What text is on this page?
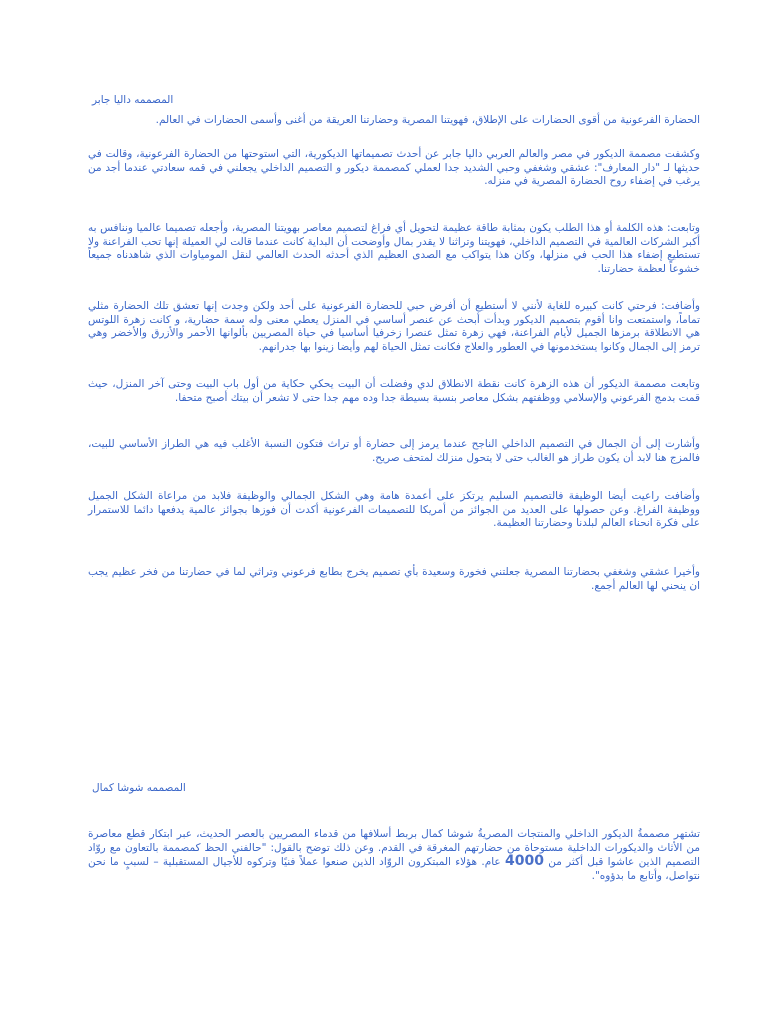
المصممه داليا جابر

الحضارة الفرعونية من أقوى الحضارات على الإطلاق، فهويتنا المصرية وحضارتنا العريقة من أغنى وأسمى الحضارات في العالم.

وكشفت مصممة الديكور في مصر والعالم العربي داليا جابر عن أحدث تصميماتها الديكورية، التي استوحتها من الحضارة الفرعونية، وقالت في حديثها لـ "دار المعارف": عشقي وشغفي وحبي الشديد جدا لعملي كمصممة ديكور و التصميم الداخلي يجعلني في قمه سعادتي عندما أجد من يرغب في إضفاء روح الحضارة المصرية في منزله.

وتابعت: هذه الكلمة أو هذا الطلب يكون بمثابة طاقة عظيمة لتحويل أي فراغ لتصميم معاصر بهويتنا المصرية، وأجعله تصميما عالميا وننافس به أكبر الشركات العالمية في التصميم الداخلي، فهويتنا وتراثنا لا يقدر بمال وأوضحت أن البداية كانت عندما قالت لي العميلة إنها تحب الفراعنة ولا تستطيع إضفاء هذا الحب في منزلها، وكان هذا يتواكب مع الصدى العظيم الذي أحدثه الحدث العالمي لنقل المومياوات الذي شاهدناه جميعاً خشوعاً لعظمة حضارتنا.

وأضافت: فرحتي كانت كبيره للغاية لأنني لا أستطيع أن أفرض حبي للحضارة الفرعونية على أحد ولكن وجدت إنها تعشق تلك الحضارة مثلي تماماً، واستمتعت وانا أقوم بتصميم الديكور وبدأت أبحث عن عنصر أساسي في المنزل يعطي معنى وله سمة حضارية، و كانت زهرة اللوتس هي الانطلاقة برمزها الجميل لأيام الفراعنة، فهي زهرة تمثل عنصرا زخرفيا أساسيا في حياة المصريين بألوانها الأحمر والأزرق والأخضر وهي ترمز إلى الجمال وكانوا يستخدمونها في العطور والعلاج فكانت تمثل الحياة لهم وأيضا زينوا بها جدرانهم.

وتابعت مصممة الديكور أن هذه الزهرة كانت نقطة الانطلاق لدي وفضلت أن البيت يحكي حكاية من أول باب البيت وحتى آخر المنزل، حيث قمت بدمج الفرعوني والإسلامي ووظفتهم بشكل معاصر بنسبة بسيطة جدا وده مهم جدا حتى لا تشعر أن بيتك أصبح متحفا.

وأشارت إلى أن الجمال في التصميم الداخلي الناجح عندما يرمز إلى حضارة أو تراث فتكون النسبة الأغلب فيه هي الطراز الأساسي للبيت، فالمزج هنا لابد أن يكون طراز هو الغالب حتى لا يتحول منزلك لمتحف صريح.

وأضافت راعيت أيضا الوظيفة فالتصميم السليم يرتكز على أعمدة هامة وهي الشكل الجمالي والوظيفة فلابد من مراعاة الشكل الجميل ووظيفة الفراغ. وعن حصولها على العديد من الجوائز من أمريكا للتصميمات الفرعونية أكدت أن فوزها بجوائز عالمية يدفعها دائما للاستمرار على فكرة انحناء العالم لبلدنا وحضارتنا العظيمة.

وأخيرا عشقي وشغفي بحضارتنا المصرية جعلتني فخورة وسعيدة بأي تصميم يخرج بطابع فرعوني وتراثي لما في حضارتنا من فخر عظيم يجب ان ينحني لها العالم أجمع.

المصممه شوشا كمال

تشتهر مصممةُ الديكور الداخلي والمنتجات المصريةُ شوشا كمال بربط أسلافها من قدماء المصريين بالعصر الحديث، عبر ابتكار قطع معاصرة من الأثاث والديكورات الداخلية مستوحاة من حضارتهم المغرقة في القدم. وعن ذلك توضح بالقول: "حالفني الحظ كمصممة بالتعاون مع روّاد التصميم الذين عاشوا قبل أكثر من 4000 عام. هؤلاء المبتكرون الروّاد الذين صنعوا عملاً فنيًا وتركوه للأجيال المستقبلية – لسببٍ ما نحن نتواصل، وأتابع ما بدؤوه".
